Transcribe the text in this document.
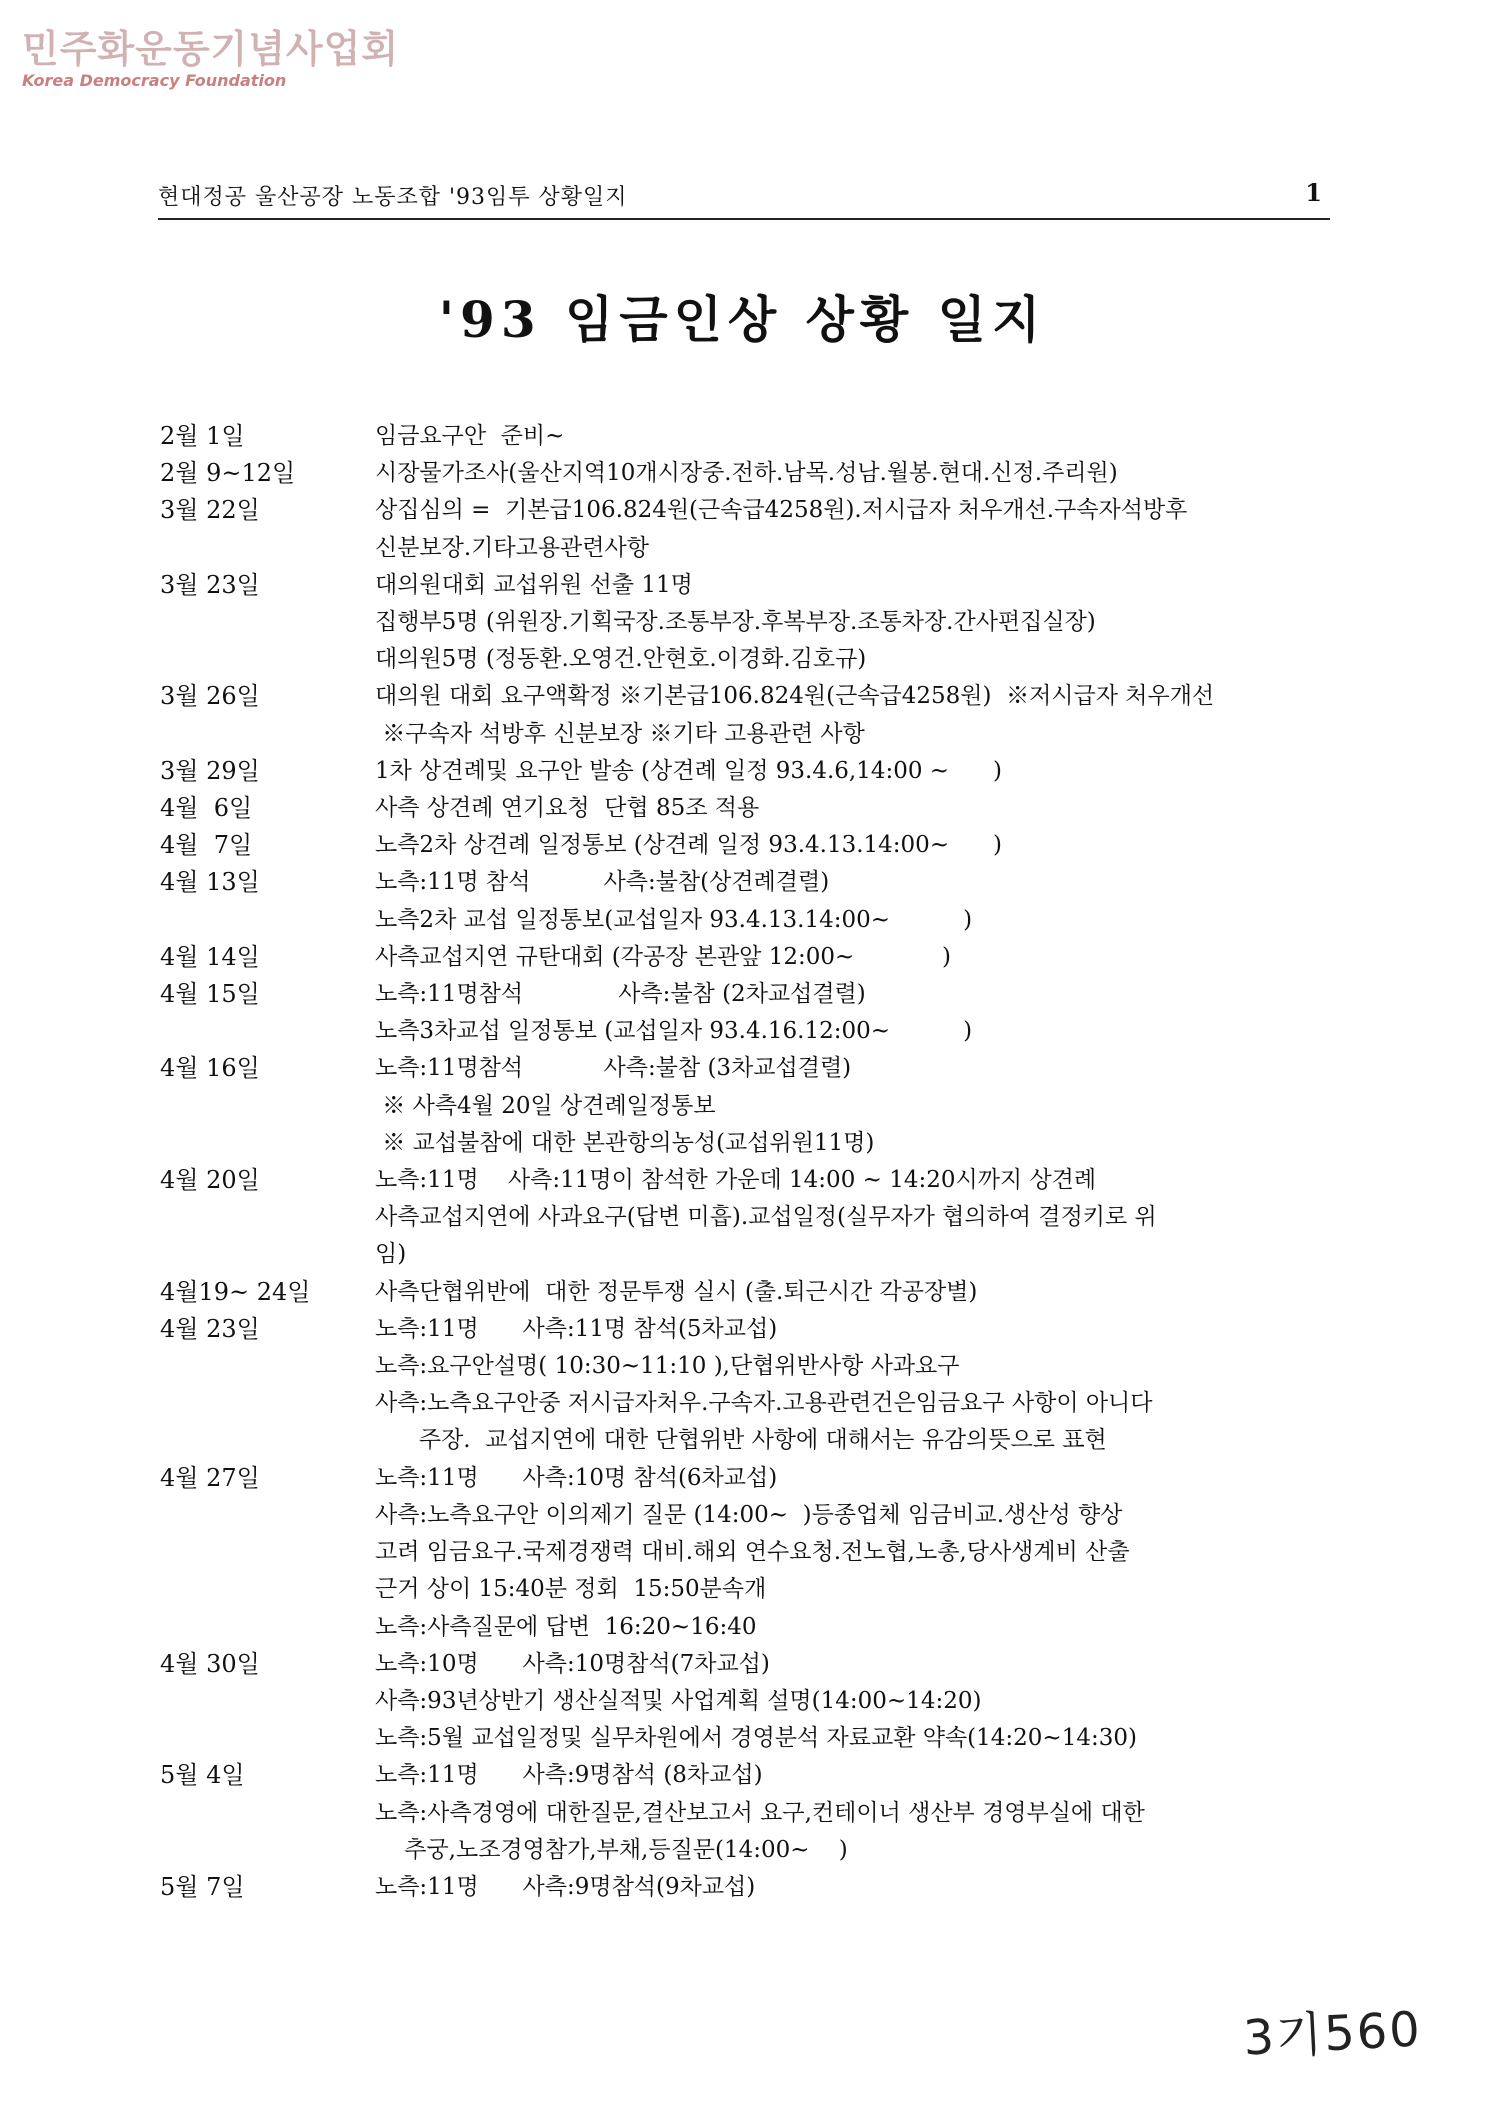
민주화운동기념사업회
Korea Democracy Foundation
현대정공 울산공장 노동조합 '93임투 상황일지	1
'93 임금인상 상황 일지
2월 1일	임금요구안  준비~
2월 9~12일	시장물가조사(울산지역10개시장중.전하.남목.성남.월봉.현대.신정.주리원)
3월 22일	상집심의 =  기본급106.824원(근속급4258원).저시급자 처우개선.구속자석방후
신분보장.기타고용관련사항
3월 23일	대의원대회 교섭위원 선출 11명
집행부5명 (위원장.기획국장.조통부장.후복부장.조통차장.간사편집실장)
대의원5명 (정동환.오영건.안현호.이경화.김호규)
3월 26일	대의원 대회 요구액확정 ※기본급106.824원(근속급4258원)  ※저시급자 처우개선
※구속자 석방후 신분보장 ※기타 고용관련 사항
3월 29일	1차 상견례및 요구안 발송 (상견례 일정 93.4.6,14:00 ~      )
4월  6일	사측 상견례 연기요청  단협 85조 적용
4월  7일	노측2차 상견례 일정통보 (상견례 일정 93.4.13.14:00~      )
4월 13일	노측:11명 참석          사측:불참(상견례결렬)
노측2차 교섭 일정통보(교섭일자 93.4.13.14:00~          )
4월 14일	사측교섭지연 규탄대회 (각공장 본관앞 12:00~            )
4월 15일	노측:11명참석             사측:불참 (2차교섭결렬)
노측3차교섭 일정통보 (교섭일자 93.4.16.12:00~          )
4월 16일	노측:11명참석           사측:불참 (3차교섭결렬)
※ 사측4월 20일 상견례일정통보
※ 교섭불참에 대한 본관항의농성(교섭위원11명)
4월 20일	노측:11명    사측:11명이 참석한 가운데 14:00 ~ 14:20시까지 상견례
사측교섭지연에 사과요구(답변 미흡).교섭일정(실무자가 협의하여 결정키로 위
임)
4월19~ 24일	사측단협위반에  대한 정문투쟁 실시 (출.퇴근시간 각공장별)
4월 23일	노측:11명      사측:11명 참석(5차교섭)
노측:요구안설명( 10:30~11:10 ),단협위반사항 사과요구
사측:노측요구안중 저시급자처우.구속자.고용관련건은임금요구 사항이 아니다
주장.  교섭지연에 대한 단협위반 사항에 대해서는 유감의뜻으로 표현
4월 27일	노측:11명      사측:10명 참석(6차교섭)
사측:노측요구안 이의제기 질문 (14:00~  )등종업체 임금비교.생산성 향상
고려 임금요구.국제경쟁력 대비.해외 연수요청.전노협,노총,당사생계비 산출
근거 상이 15:40분 정회  15:50분속개
노측:사측질문에 답변  16:20~16:40
4월 30일	노측:10명      사측:10명참석(7차교섭)
사측:93년상반기 생산실적및 사업계획 설명(14:00~14:20)
노측:5월 교섭일정및 실무차원에서 경영분석 자료교환 약속(14:20~14:30)
5월 4일	노측:11명      사측:9명참석 (8차교섭)
노측:사측경영에 대한질문,결산보고서 요구,컨테이너 생산부 경영부실에 대한
추궁,노조경영참가,부채,등질문(14:00~    )
5월 7일	노측:11명      사측:9명참석(9차교섭)
3기560
